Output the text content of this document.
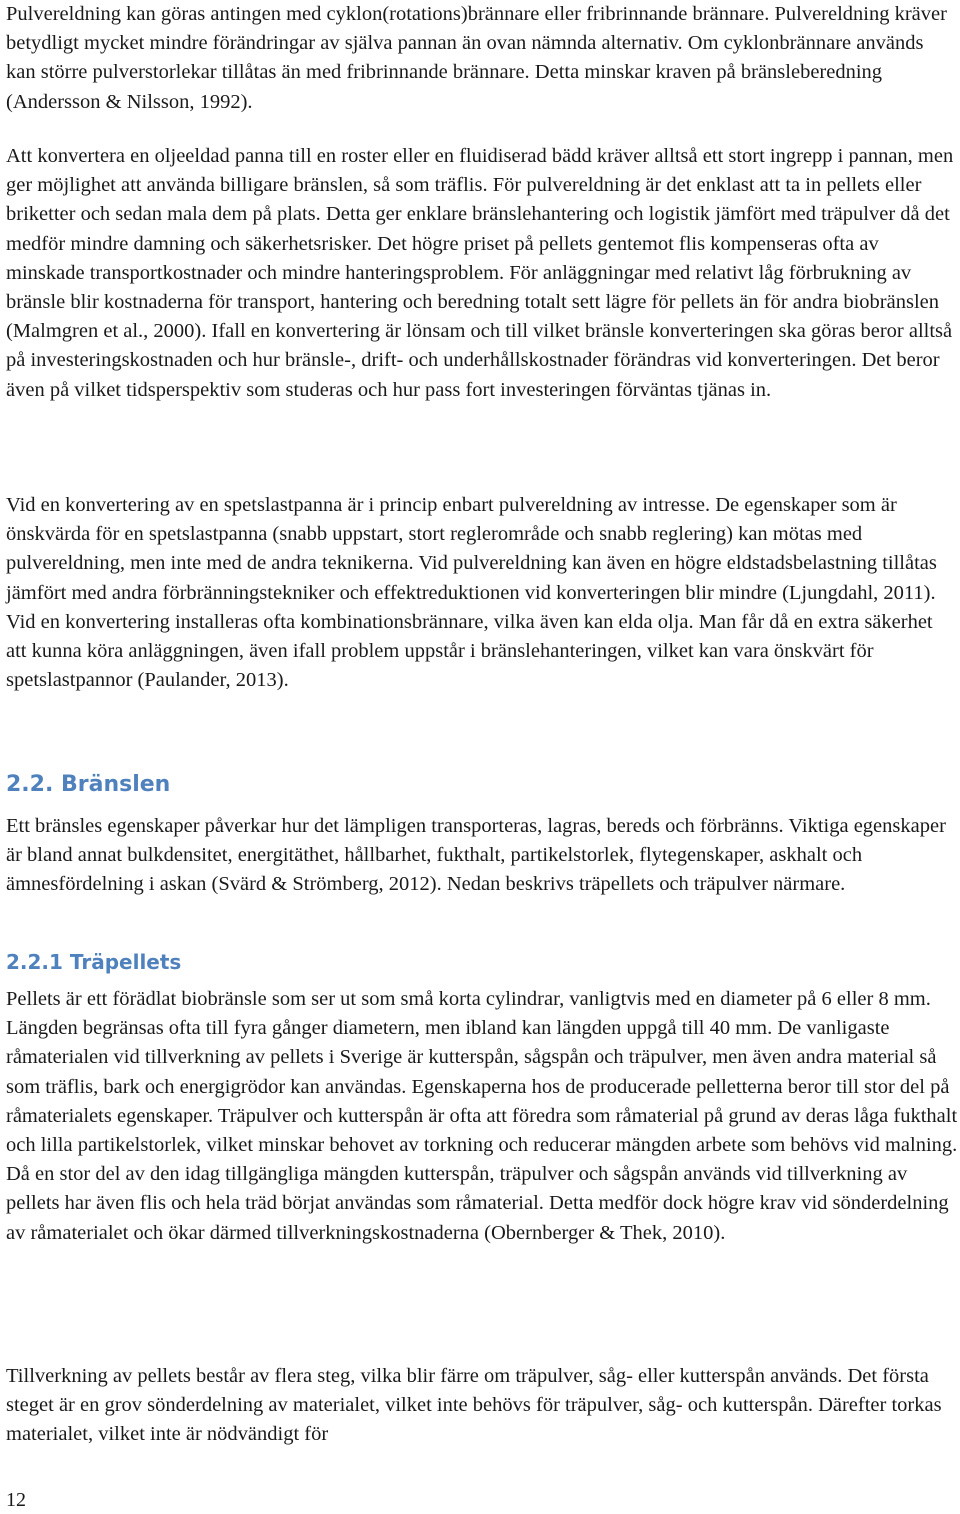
Pulvereldning kan göras antingen med cyklon(rotations)brännare eller fribrinnande brännare. Pulvereldning kräver betydligt mycket mindre förändringar av själva pannan än ovan nämnda alternativ. Om cyklonbrännare används kan större pulverstorlekar tillåtas än med fribrinnande brännare. Detta minskar kraven på bränsleberedning (Andersson & Nilsson, 1992).

Att konvertera en oljeeldad panna till en roster eller en fluidiserad bädd kräver alltså ett stort ingrepp i pannan, men ger möjlighet att använda billigare bränslen, så som träflis. För pulvereldning är det enklast att ta in pellets eller briketter och sedan mala dem på plats. Detta ger enklare bränslehantering och logistik jämfört med träpulver då det medför mindre damning och säkerhetsrisker. Det högre priset på pellets gentemot flis kompenseras ofta av minskade transportkostnader och mindre hanteringsproblem. För anläggningar med relativt låg förbrukning av bränsle blir kostnaderna för transport, hantering och beredning totalt sett lägre för pellets än för andra biobränslen (Malmgren et al., 2000). Ifall en konvertering är lönsam och till vilket bränsle konverteringen ska göras beror alltså på investeringskostnaden och hur bränsle-, drift- och underhållskostnader förändras vid konverteringen. Det beror även på vilket tidsperspektiv som studeras och hur pass fort investeringen förväntas tjänas in.

Vid en konvertering av en spetslastpanna är i princip enbart pulvereldning av intresse. De egenskaper som är önskvärda för en spetslastpanna (snabb uppstart, stort reglerområde och snabb reglering) kan mötas med pulvereldning, men inte med de andra teknikerna. Vid pulvereldning kan även en högre eldstadsbelastning tillåtas jämfört med andra förbränningstekniker och effektreduktionen vid konverteringen blir mindre (Ljungdahl, 2011). Vid en konvertering installeras ofta kombinationsbrännare, vilka även kan elda olja. Man får då en extra säkerhet att kunna köra anläggningen, även ifall problem uppstår i bränslehanteringen, vilket kan vara önskvärt för spetslastpannor (Paulander, 2013).

2.2. Bränslen

Ett bränsles egenskaper påverkar hur det lämpligen transporteras, lagras, bereds och förbränns. Viktiga egenskaper är bland annat bulkdensitet, energitäthet, hållbarhet, fukthalt, partikelstorlek, flytegenskaper, askhalt och ämnesfördelning i askan (Svärd & Strömberg, 2012). Nedan beskrivs träpellets och träpulver närmare.

2.2.1 Träpellets

Pellets är ett förädlat biobränsle som ser ut som små korta cylindrar, vanligtvis med en diameter på 6 eller 8 mm. Längden begränsas ofta till fyra gånger diametern, men ibland kan längden uppgå till 40 mm. De vanligaste råmaterialen vid tillverkning av pellets i Sverige är kutterspån, sågspån och träpulver, men även andra material så som träflis, bark och energigrödor kan användas. Egenskaperna hos de producerade pelletterna beror till stor del på råmaterialets egenskaper. Träpulver och kutterspån är ofta att föredra som råmaterial på grund av deras låga fukthalt och lilla partikelstorlek, vilket minskar behovet av torkning och reducerar mängden arbete som behövs vid malning. Då en stor del av den idag tillgängliga mängden kutterspån, träpulver och sågspån används vid tillverkning av pellets har även flis och hela träd börjat användas som råmaterial. Detta medför dock högre krav vid sönderdelning av råmaterialet och ökar därmed tillverkningskostnaderna (Obernberger & Thek, 2010).

Tillverkning av pellets består av flera steg, vilka blir färre om träpulver, såg- eller kutterspån används. Det första steget är en grov sönderdelning av materialet, vilket inte behövs för träpulver, såg- och kutterspån. Därefter torkas materialet, vilket inte är nödvändigt för

12
